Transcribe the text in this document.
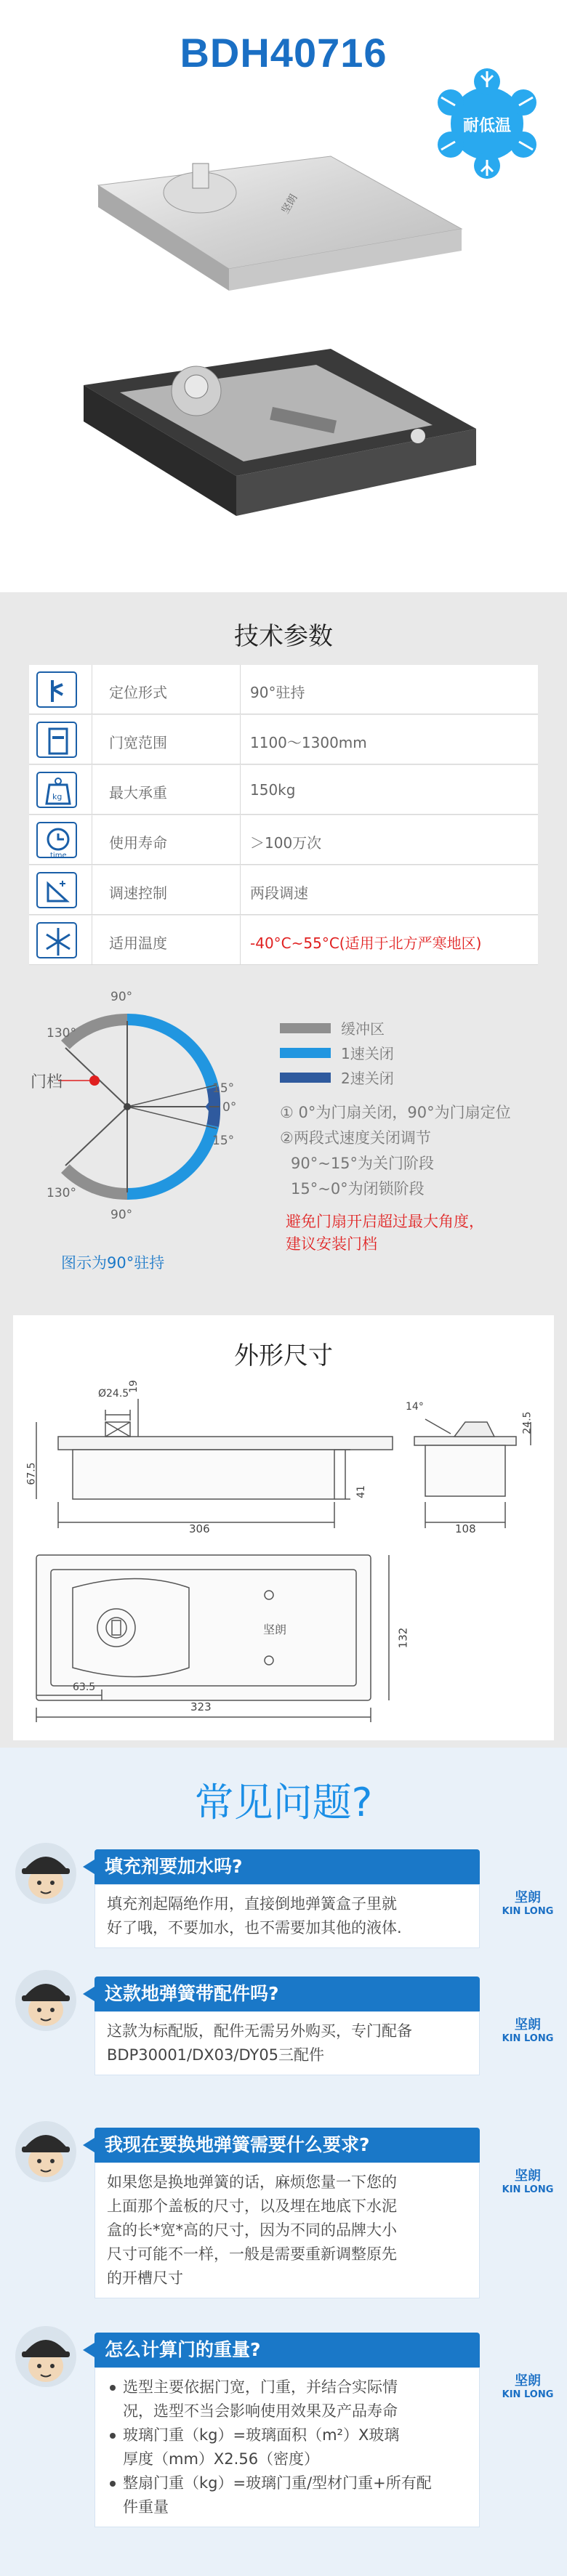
BDH40716
耐低温
坚朗
技术参数
定位形式	90°驻持
门宽范围	1100～1300mm
kg	最大承重	150kg
time
使用寿命	＞100万次
调速控制	两段调速
适用温度	-40°C~55°C(适用于北方严寒地区)
90°
130°
门档
130°
90°
15°
0°
15°
图示为90°驻持
缓冲区
1速关闭
2速关闭
① 0°为门扇关闭，90°为门扇定位
②两段式速度关闭调节
90°~15°为关门阶段
15°~0°为闭锁阶段
避免门扇开启超过最大角度，
建议安装门档
外形尺寸
Ø24.5
19
67.5
41
306
14°
24.5
108
坚朗	132
63.5
323
常见问题?
填充剂要加水吗?
填充剂起隔绝作用，直接倒地弹簧盒子里就
好了哦，不要加水，也不需要加其他的液体.
坚朗
KIN LONG
这款地弹簧带配件吗?
这款为标配版，配件无需另外购买，专门配备
BDP30001/DX03/DY05三配件
坚朗
KIN LONG
我现在要换地弹簧需要什么要求?
如果您是换地弹簧的话，麻烦您量一下您的
上面那个盖板的尺寸，以及埋在地底下水泥
盒的长*宽*高的尺寸，因为不同的品牌大小
尺寸可能不一样，一般是需要重新调整原先
的开槽尺寸
坚朗
KIN LONG
怎么计算门的重量?
选型主要依据门宽，门重，并结合实际情
况，选型不当会影响使用效果及产品寿命
玻璃门重（kg）=玻璃面积（m²）X玻璃
厚度（mm）X2.56（密度）
整扇门重（kg）=玻璃门重/型材门重+所有配
件重量
坚朗
KIN LONG
